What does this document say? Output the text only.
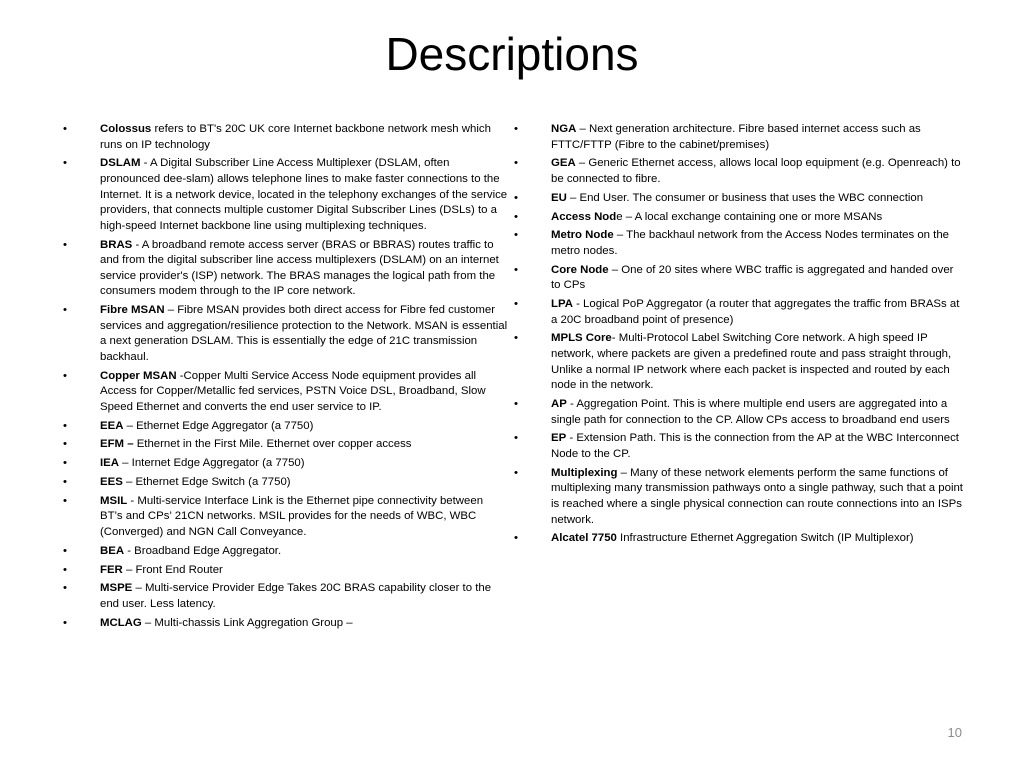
Descriptions
•	Colossus refers to BT's 20C UK core Internet backbone network mesh which runs on IP technology
•	DSLAM - A Digital Subscriber Line Access Multiplexer (DSLAM, often pronounced dee-slam) allows telephone lines to make faster connections to the Internet. It is a network device, located in the telephony exchanges of the service providers, that connects multiple customer Digital Subscriber Lines (DSLs) to a high-speed Internet backbone line using multiplexing techniques.
•	BRAS - A broadband remote access server (BRAS or BBRAS) routes traffic to and from the digital subscriber line access multiplexers (DSLAM) on an internet service provider's (ISP) network. The BRAS manages the logical path from the consumers modem through to the IP core network.
•	Fibre MSAN – Fibre MSAN provides both direct access for Fibre fed customer services and aggregation/resilience protection to the Network. MSAN is essential a next generation DSLAM. This is essentially the edge of 21C transmission backhaul.
•	Copper MSAN -Copper Multi Service Access Node equipment provides all Access for Copper/Metallic fed services, PSTN Voice DSL, Broadband, Slow Speed Ethernet and converts the end user service to IP.
•	EEA – Ethernet Edge Aggregator (a 7750)
•	EFM – Ethernet in the First Mile. Ethernet over copper access
•	IEA – Internet Edge Aggregator (a 7750)
•	EES – Ethernet Edge Switch (a 7750)
•	MSIL - Multi-service Interface Link is the Ethernet pipe connectivity between BT’s and CPs’ 21CN networks. MSIL provides for the needs of WBC, WBC (Converged) and NGN Call Conveyance.
•	BEA - Broadband Edge Aggregator.
•	FER – Front End Router
•	MSPE – Multi-service Provider Edge Takes 20C BRAS capability closer to the end user. Less latency.
•	MCLAG – Multi-chassis Link Aggregation Group –
•	NGA – Next generation architecture. Fibre based internet access such as FTTC/FTTP (Fibre to the cabinet/premises)
•	GEA – Generic Ethernet access, allows local loop equipment (e.g. Openreach) to be connected to fibre.
•	EU – End User. The consumer or business that uses the WBC connection
•	Access Node – A local exchange containing one or more MSANs
•	Metro Node – The backhaul network from the Access Nodes terminates on the metro nodes.
•	Core Node – One of 20 sites where WBC traffic is aggregated and handed over to CPs
•	LPA - Logical PoP Aggregator (a router that aggregates the traffic from BRASs at a 20C broadband point of presence)
•	MPLS Core- Multi-Protocol Label Switching Core network. A high speed IP network, where packets are given a predefined route and pass straight through, Unlike a normal IP network where each packet is inspected and routed by each node in the network.
•	AP - Aggregation Point. This is where multiple end users are aggregated into a single path for connection to the CP. Allow CPs access to broadband end users
•	EP - Extension Path. This is the connection from the AP at the WBC Interconnect Node to the CP.
•	Multiplexing – Many of these network elements perform the same functions of multiplexing many transmission pathways onto a single pathway, such that a point is reached where a single physical connection can route connections into an ISPs network.
•	Alcatel 7750 Infrastructure Ethernet Aggregation Switch (IP Multiplexor)
10
